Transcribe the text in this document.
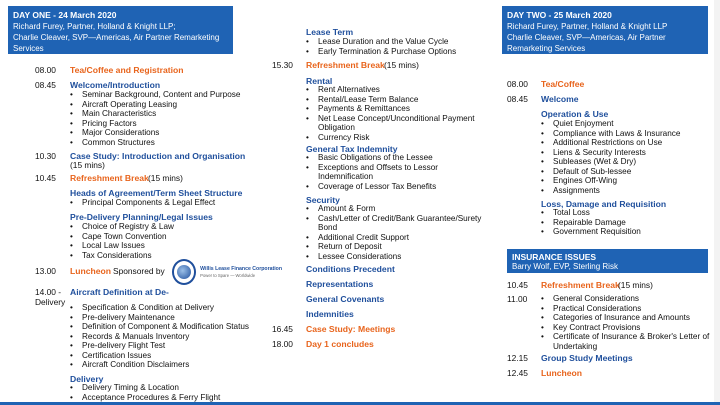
DAY ONE - 24 March 2020
Richard Furey, Partner, Holland & Knight LLP;
Charlie Cleaver, SVP—Americas, Air Partner Remarketing
Services
08.00 Tea/Coffee and Registration
08.45 Welcome/Introduction
• Seminar Background, Content and Purpose
• Aircraft Operating Leasing
• Main Characteristics
• Pricing Factors
• Major Considerations
• Common Structures
10.30 Case Study: Introduction and Organisation
(15 mins)
10.45 Refreshment Break (15 mins)
Heads of Agreement/Term Sheet Structure
• Principal Components & Legal Effect
Pre-Delivery Planning/Legal Issues
• Choice of Registry & Law
• Cape Town Convention
• Local Law Issues
• Tax Considerations
13.00 Luncheon Sponsored by	Willis Lease Finance Corporation
Power to Spare — Worldwide
14.00 - Delivery
Aircraft Definition at De-
• Specification & Condition at Delivery
• Pre-delivery Maintenance
• Definition of Component & Modification Status
• Records & Manuals Inventory
• Pre-delivery Flight Test
• Certification Issues
• Aircraft Condition Disclaimers
Delivery
• Delivery Timing & Location
• Acceptance Procedures & Ferry Flight
Lease Term
• Lease Duration and the Value Cycle
• Early Termination & Purchase Options
15.30 Refreshment Break (15 mins)
Rental
• Rent Alternatives
• Rental/Lease Term Balance
• Payments & Remittances
• Net Lease Concept/Unconditional Payment Obligation
• Currency Risk
General Tax Indemnity
• Basic Obligations of the Lessee
• Exceptions and Offsets to Lessor Indemnification
• Coverage of Lessor Tax Benefits
Security
• Amount & Form
• Cash/Letter of Credit/Bank Guarantee/Surety Bond
• Additional Credit Support
• Return of Deposit
• Lessee Considerations
Conditions Precedent
Representations
General Covenants
Indemnities
16.45 Case Study: Meetings
18.00 Day 1 concludes
DAY TWO - 25 March 2020
Richard Furey, Partner, Holland & Knight LLP
Charlie Cleaver, SVP—Americas, Air Partner
Remarketing Services
08.00 Tea/Coffee
08.45 Welcome
Operation & Use
• Quiet Enjoyment
• Compliance with Laws & Insurance
• Additional Restrictions on Use
• Liens & Security Interests
• Subleases (Wet & Dry)
• Default of Sub-lessee
• Engines Off-Wing
• Assignments
Loss, Damage and Requisition
• Total Loss
• Repairable Damage
• Government Requisition
INSURANCE ISSUES
Barry Wolf, EVP, Sterling Risk
10.45 Refreshment Break
(15 mins)
11.00
•	General Considerations
• Practical Considerations
• Categories of Insurance and Amounts
• Key Contract Provisions
• Certificate of Insurance & Broker's Letter of Undertaking
12.15 Group Study Meetings
12.45 Luncheon
